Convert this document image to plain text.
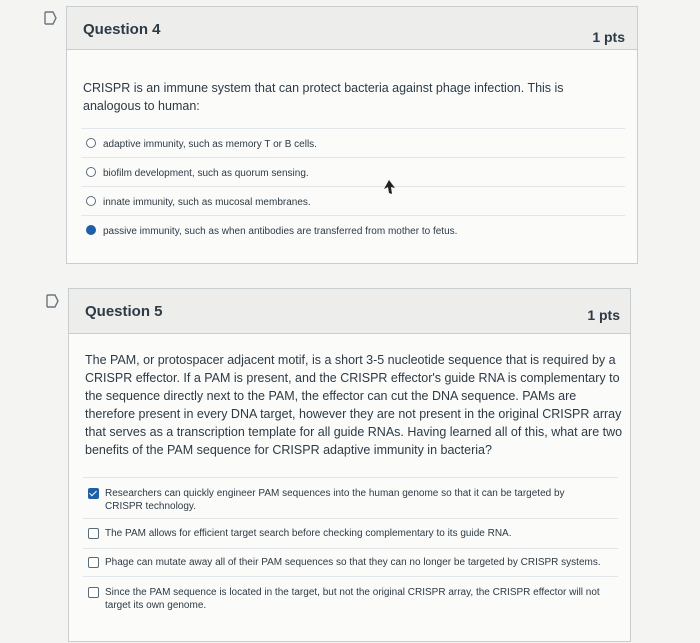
Question 4	1 pts
CRISPR is an immune system that can protect bacteria against phage infection. This is analogous to human:
adaptive immunity, such as memory T or B cells.
biofilm development, such as quorum sensing.
innate immunity, such as mucosal membranes.
passive immunity, such as when antibodies are transferred from mother to fetus.
Question 5	1 pts
The PAM, or protospacer adjacent motif, is a short 3-5 nucleotide sequence that is required by a CRISPR effector. If a PAM is present, and the CRISPR effector's guide RNA is complementary to the sequence directly next to the PAM, the effector can cut the DNA sequence. PAMs are therefore present in every DNA target, however they are not present in the original CRISPR array that serves as a transcription template for all guide RNAs. Having learned all of this, what are two benefits of the PAM sequence for CRISPR adaptive immunity in bacteria?
Researchers can quickly engineer PAM sequences into the human genome so that it can be targeted by CRISPR technology.
The PAM allows for efficient target search before checking complementary to its guide RNA.
Phage can mutate away all of their PAM sequences so that they can no longer be targeted by CRISPR systems.
Since the PAM sequence is located in the target, but not the original CRISPR array, the CRISPR effector will not target its own genome.
